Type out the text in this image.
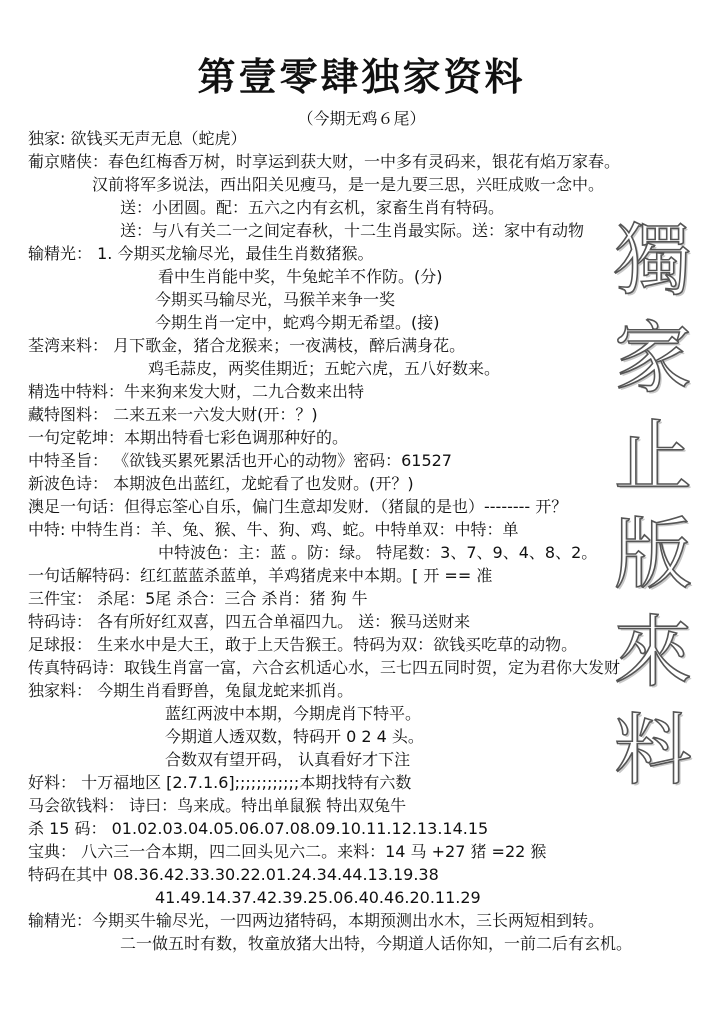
第壹零肆独家资料
（今期无鸡６尾）
独家: 欲钱买无声无息（蛇虎）
葡京赌侠：春色红梅香万树，时享运到获大财，一中多有灵码来，银花有焰万家春。
汉前将军多说法，西出阳关见瘦马，是一是九要三思，兴旺成败一念中。
送：小团圆。配：五六之内有玄机，家畜生肖有特码。
送：与八有关二一之间定春秋，十二生肖最实际。送：家中有动物
输精光： 1. 今期买龙输尽光，最佳生肖数猪猴。
看中生肖能中奖，牛兔蛇羊不作防。(分)
今期买马输尽光，马猴羊来争一奖
今期生肖一定中，蛇鸡今期无希望。(接)
荃湾来料： 月下歌金，猪合龙猴来；一夜满枝，醉后满身花。
鸡毛蒜皮，两奖佳期近；五蛇六虎，五八好数来。
精选中特料：牛来狗来发大财，二九合数来出特
藏特图料： 二来五来一六发大财(开：？)
一句定乾坤：本期出特看七彩色调那种好的。
中特圣旨： 《欲钱买累死累活也开心的动物》密码：61527
新波色诗： 本期波色出蓝红，龙蛇看了也发财。(开？)
澳足一句话：但得忘筌心自乐，偏门生意却发财．（猪鼠的是也）-------- 开？
中特: 中特生肖：羊、兔、猴、牛、狗、鸡、蛇。中特单双：中特：单
中特波色：主：蓝 。防：绿。 特尾数：3、7、9、4、8、2。
一句话解特码：红红蓝蓝杀蓝单，羊鸡猪虎来中本期。[ 开 == 准
三件宝： 杀尾：5尾 杀合：三合 杀肖：猪 狗 牛
特码诗： 各有所好红双喜，四五合单福四九。 送：猴马送财来
足球报： 生来水中是大王，敢于上天告猴王。特码为双：欲钱买吃草的动物。
传真特码诗：取钱生肖富一富，六合玄机适心水，三七四五同时贺，定为君你大发财
独家料： 今期生肖看野兽，兔鼠龙蛇来抓肖。
蓝红两波中本期，今期虎肖下特平。
今期道人透双数，特码开 0 2 4 头。
合数双有望开码， 认真看好才下注
好料： 十万福地区 [2.7.1.6];;;;;;;;;;;;本期找特有六数
马会欲钱料： 诗曰：鸟来成。特出单鼠猴 特出双兔牛
杀 15 码： 01.02.03.04.05.06.07.08.09.10.11.12.13.14.15
宝典： 八六三一合本期，四二回头见六二。来料：14 马 +27 猪 =22 猴
特码在其中 08.36.42.33.30.22.01.24.34.44.13.19.38
41.49.14.37.42.39.25.06.40.46.20.11.29
输精光：今期买牛输尽光，一四两边猪特码，本期预测出水木，三长两短相到转。
二一做五时有数，牧童放猪大出特，今期道人话你知，一前二后有玄机。
獨
家
止
版
來
料
